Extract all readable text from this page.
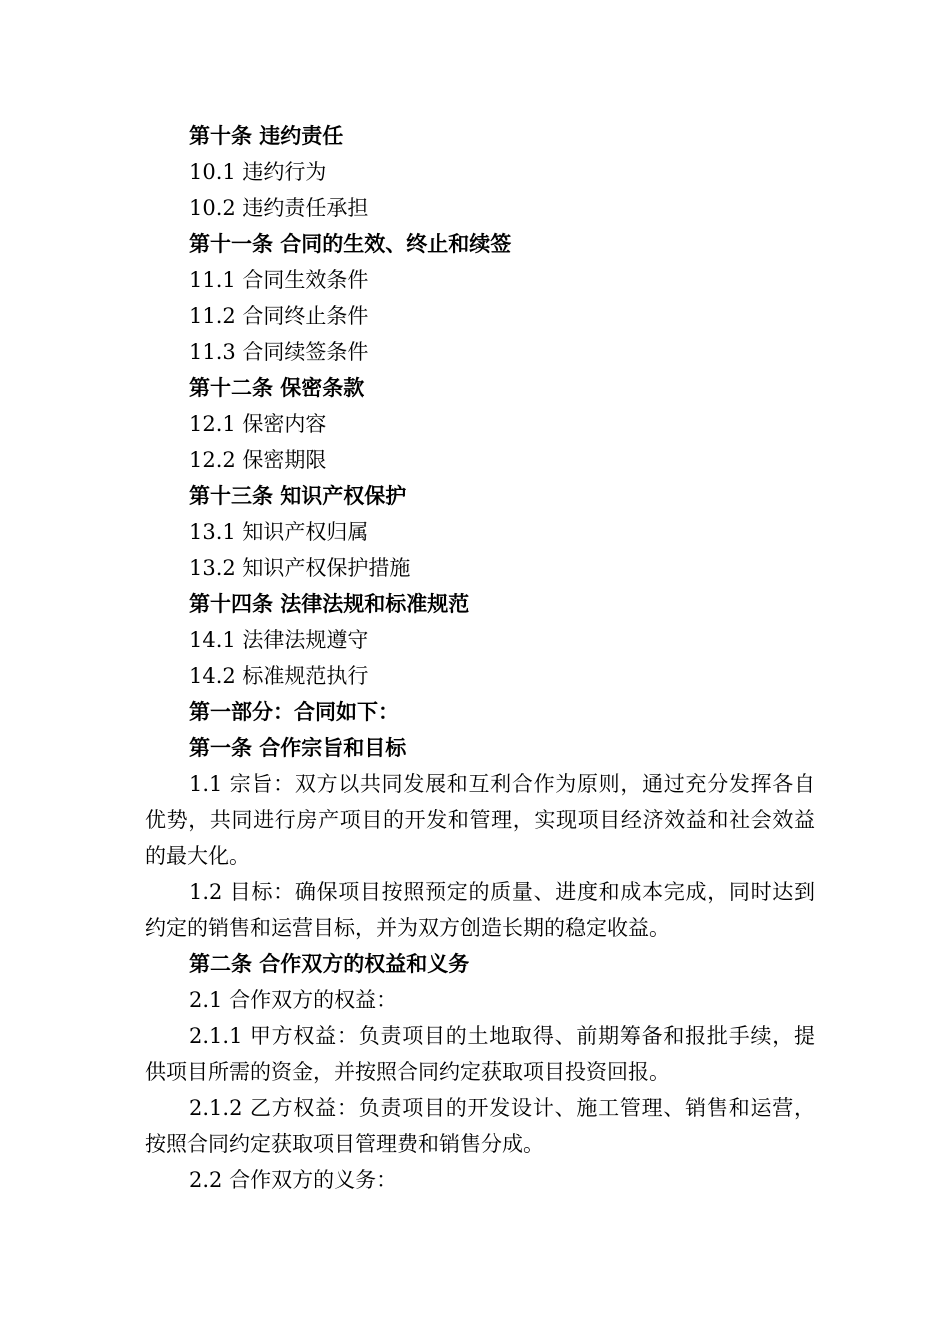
第十条 违约责任

10.1 违约行为

10.2 违约责任承担

第十一条 合同的生效、终止和续签

11.1 合同生效条件

11.2 合同终止条件

11.3 合同续签条件

第十二条 保密条款

12.1 保密内容

12.2 保密期限

第十三条 知识产权保护

13.1 知识产权归属

13.2 知识产权保护措施

第十四条 法律法规和标准规范

14.1 法律法规遵守

14.2 标准规范执行

第一部分：合同如下：

第一条 合作宗旨和目标

1.1 宗旨：双方以共同发展和互利合作为原则，通过充分发挥各自优势，共同进行房产项目的开发和管理，实现项目经济效益和社会效益的最大化。

1.2 目标：确保项目按照预定的质量、进度和成本完成，同时达到约定的销售和运营目标，并为双方创造长期的稳定收益。

第二条 合作双方的权益和义务

2.1 合作双方的权益：

2.1.1 甲方权益：负责项目的土地取得、前期筹备和报批手续，提供项目所需的资金，并按照合同约定获取项目投资回报。

2.1.2 乙方权益：负责项目的开发设计、施工管理、销售和运营，按照合同约定获取项目管理费和销售分成。

2.2 合作双方的义务：
